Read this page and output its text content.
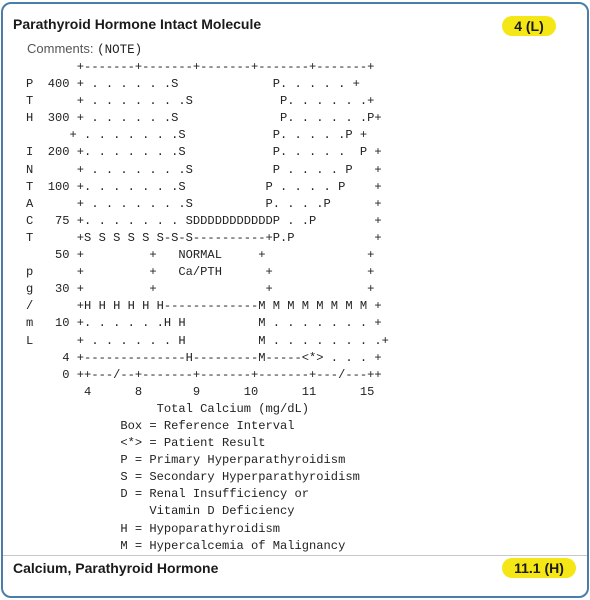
Parathyroid Hormone Intact Molecule	4 (L)
Comments: (NOTE)
+-------+-------+-------+-------+-------+
P  400 + . . . . . .S             P. . . . . +
T      + . . . . . . .S            P. . . . . .+
H  300 + . . . . . .S              P. . . . . .P+
+ . . . . . . .S            P. . . . .P +
I  200 +. . . . . . .S            P. . . . .  P +
N      + . . . . . . .S           P . . . . P   +
T  100 +. . . . . . .S           P . . . . P    +
A      + . . . . . . .S          P. . . .P      +
C   75 +. . . . . . . SDDDDDDDDDDDP . .P        +
T      +S S S S S S-S-S----------+P.P           +
50 +         +   NORMAL     +              +
p      +         +   Ca/PTH      +             +
g   30 +         +               +             +
/      +H H H H H H-------------M M M M M M M M +
m   10 +. . . . . .H H          M . . . . . . . +
L      + . . . . . . H          M . . . . . . . .+
4 +--------------H---------M-----<*> . . . +
0 ++---/--+-------+-------+-------+---/---++
4      8       9      10      11      15
Total Calcium (mg/dL)
Box = Reference Interval
<*> = Patient Result
P = Primary Hyperparathyroidism
S = Secondary Hyperparathyroidism
D = Renal Insufficiency or
Vitamin D Deficiency
H = Hypoparathyroidism
M = Hypercalcemia of Malignancy
Calcium, Parathyroid Hormone	11.1 (H)
